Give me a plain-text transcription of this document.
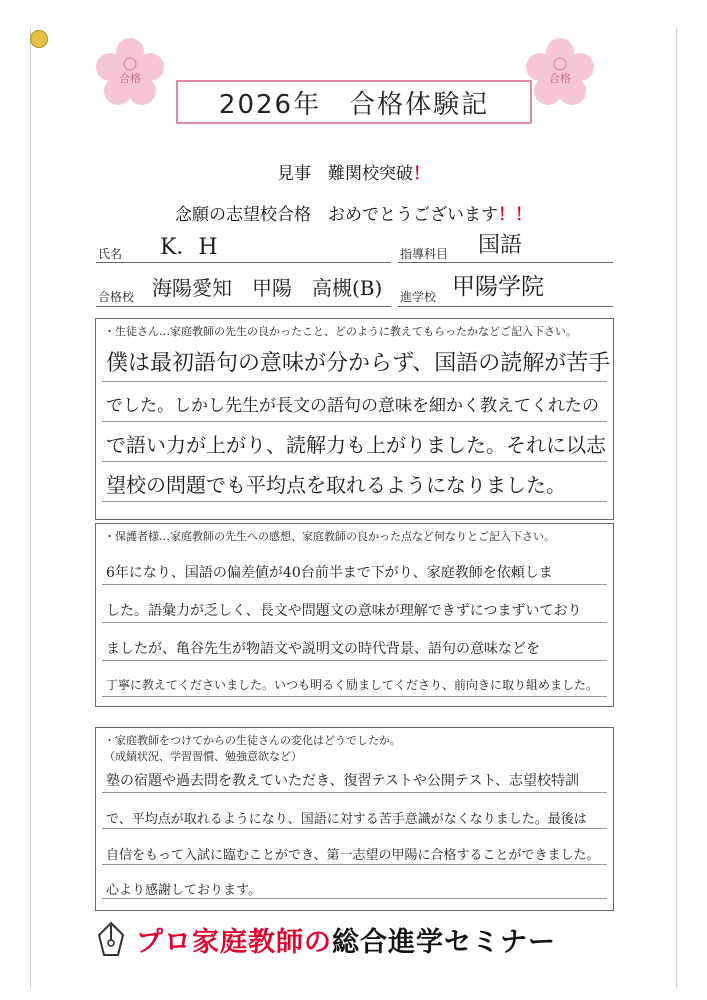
合格	合格
2026年　合格体験記
見事　難関校突破！
念願の志望校合格　おめでとうございます！！
氏名 K．H	指導科目 国語
合格校 海陽愛知　甲陽　高槻(B) 進学校 甲陽学院
・生徒さん…家庭教師の先生の良かったこと、どのように教えてもらったかなどご記入下さい。
僕は最初語句の意味が分からず、国語の読解が苦手
でした。しかし先生が長文の語句の意味を細かく教えてくれたの
で語い力が上がり、読解力も上がりました。それに以志
望校の問題でも平均点を取れるようになりました。
・保護者様…家庭教師の先生への感想、家庭教師の良かった点など何なりとご記入下さい。
6年になり、国語の偏差値が40台前半まで下がり、家庭教師を依頼しま
した。語彙力が乏しく、長文や問題文の意味が理解できずにつまずいており
ましたが、亀谷先生が物語文や説明文の時代背景、語句の意味などを
丁寧に教えてくださいました。いつも明るく励ましてくださり、前向きに取り組めました。
・家庭教師をつけてからの生徒さんの変化はどうでしたか。
（成績状況、学習習慣、勉強意欲など）
塾の宿題や過去問を教えていただき、復習テストや公開テスト、志望校特訓
で、平均点が取れるようになり、国語に対する苦手意識がなくなりました。最後は
自信をもって入試に臨むことができ、第一志望の甲陽に合格することができました。
心より感謝しております。
プロ家庭教師の 総合進学セミナー
